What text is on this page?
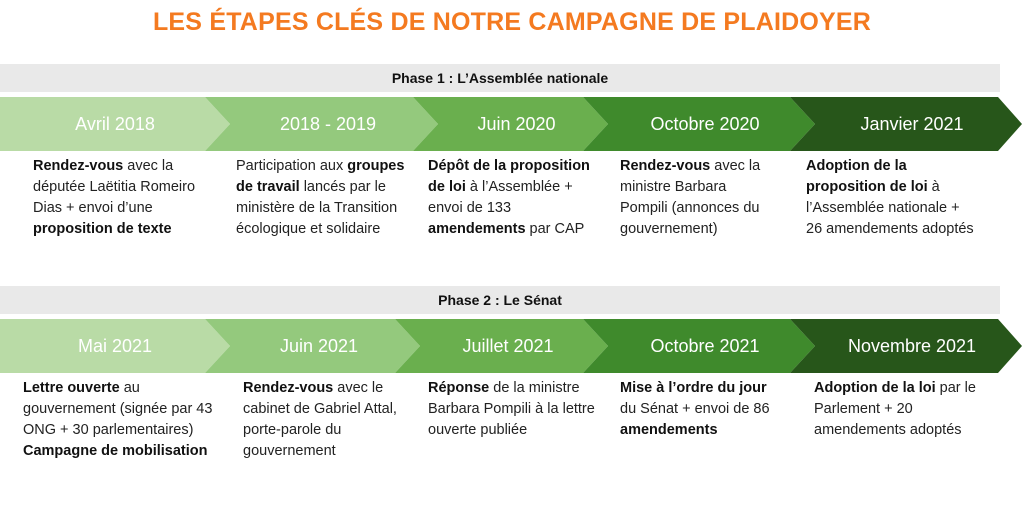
LES ÉTAPES CLÉS DE NOTRE CAMPAGNE DE PLAIDOYER
Phase 1 : L’Assemblée nationale
Avril 2018	2018 - 2019	Juin 2020	Octobre 2020	Janvier 2021
Rendez-vous avec la députée Laëtitia Romeiro Dias + envoi d’une proposition de texte
Participation aux groupes de travail lancés par le ministère de la Transition écologique et solidaire
Dépôt de la proposition de loi à l’Assemblée + envoi de 133 amendements par CAP
Rendez-vous avec la ministre Barbara Pompili (annonces du gouvernement)
Adoption de la proposition de loi à l’Assemblée nationale + 26 amendements adoptés
Phase 2 : Le Sénat
Mai 2021	Juin 2021	Juillet 2021	Octobre 2021	Novembre 2021
Lettre ouverte au gouvernement (signée par 43 ONG + 30 parlementaires) Campagne de mobilisation
Rendez-vous avec le cabinet de Gabriel Attal, porte-parole du gouvernement
Réponse de la ministre Barbara Pompili à la lettre ouverte publiée
Mise à l’ordre du jour du Sénat + envoi de 86 amendements
Adoption de la loi par le Parlement + 20 amendements adoptés
